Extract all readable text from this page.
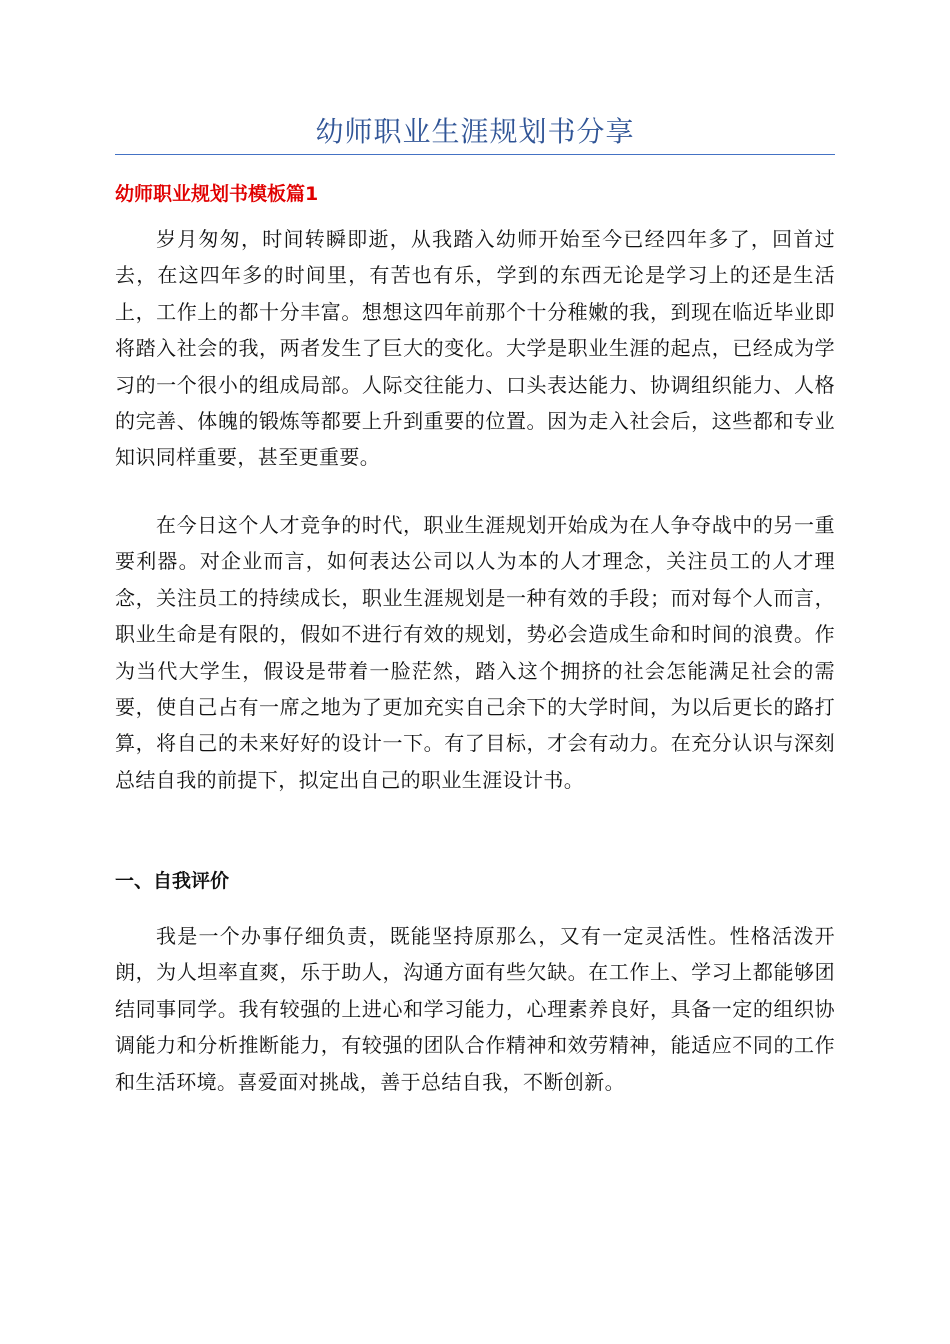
幼师职业生涯规划书分享
幼师职业规划书模板篇1

岁月匆匆，时间转瞬即逝，从我踏入幼师开始至今已经四年多了，回首过去，在这四年多的时间里，有苦也有乐，学到的东西无论是学习上的还是生活上，工作上的都十分丰富。想想这四年前那个十分稚嫩的我，到现在临近毕业即将踏入社会的我，两者发生了巨大的变化。大学是职业生涯的起点，已经成为学习的一个很小的组成局部。人际交往能力、口头表达能力、协调组织能力、人格的完善、体魄的锻炼等都要上升到重要的位置。因为走入社会后，这些都和专业知识同样重要，甚至更重要。

在今日这个人才竞争的时代，职业生涯规划开始成为在人争夺战中的另一重要利器。对企业而言，如何表达公司以人为本的人才理念，关注员工的人才理念，关注员工的持续成长，职业生涯规划是一种有效的手段；而对每个人而言，职业生命是有限的，假如不进行有效的规划，势必会造成生命和时间的浪费。作为当代大学生，假设是带着一脸茫然，踏入这个拥挤的社会怎能满足社会的需要，使自己占有一席之地为了更加充实自己余下的大学时间，为以后更长的路打算，将自己的未来好好的设计一下。有了目标，才会有动力。在充分认识与深刻总结自我的前提下，拟定出自己的职业生涯设计书。

一、自我评价

我是一个办事仔细负责，既能坚持原那么，又有一定灵活性。性格活泼开朗，为人坦率直爽，乐于助人，沟通方面有些欠缺。在工作上、学习上都能够团结同事同学。我有较强的上进心和学习能力，心理素养良好，具备一定的组织协调能力和分析推断能力，有较强的团队合作精神和效劳精神，能适应不同的工作和生活环境。喜爱面对挑战，善于总结自我，不断创新。
